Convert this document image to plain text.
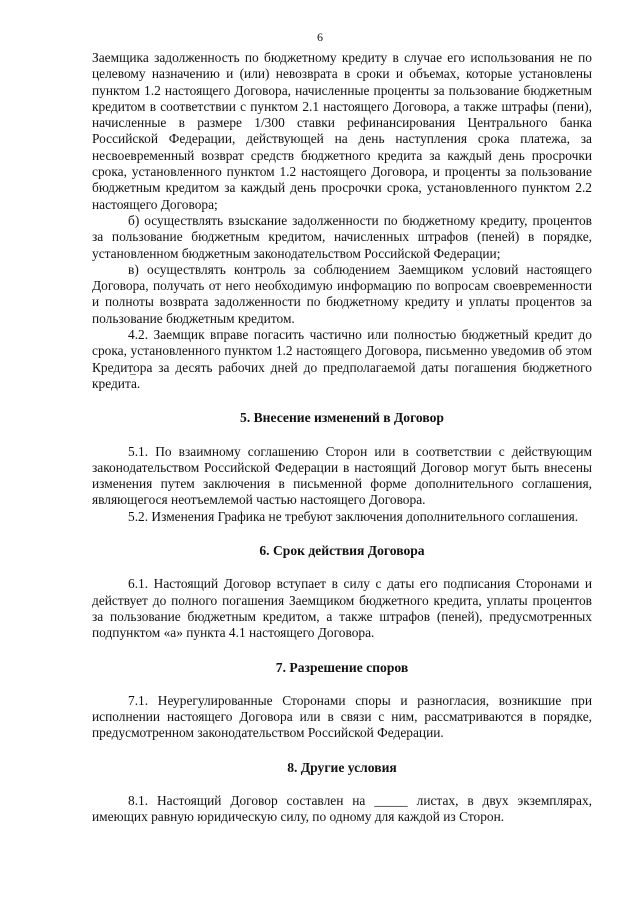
6

Заемщика задолженность по бюджетному кредиту в случае его использования не по целевому назначению и (или) невозврата в сроки и объемах, которые установлены пунктом 1.2 настоящего Договора, начисленные проценты за пользование бюджетным кредитом в соответствии с пунктом 2.1 настоящего Договора, а также штрафы (пени), начисленные в размере 1/300 ставки рефинансирования Центрального банка Российской Федерации, действующей на день наступления срока платежа, за несвоевременный возврат средств бюджетного кредита за каждый день просрочки срока, установленного пунктом 1.2 настоящего Договора, и проценты за пользование бюджетным кредитом за каждый день просрочки срока, установленного пунктом 2.2 настоящего Договора;

б) осуществлять взыскание задолженности по бюджетному кредиту, процентов за пользование бюджетным кредитом, начисленных штрафов (пеней) в порядке, установленном бюджетным законодательством Российской Федерации;

в) осуществлять контроль за соблюдением Заемщиком условий настоящего Договора, получать от него необходимую информацию по вопросам своевременности и полноты возврата задолженности по бюджетному кредиту и уплаты процентов за пользование бюджетным кредитом.

4.2. Заемщик вправе погасить частично или полностью бюджетный кредит до срока, установленного пунктом 1.2 настоящего Договора, письменно уведомив об этом Кредитора за десять рабочих дней до предполагаемой даты погашения бюджетного кредита.

5. Внесение изменений в Договор

5.1. По взаимному соглашению Сторон или в соответствии с действующим законодательством Российской Федерации в настоящий Договор могут быть внесены изменения путем заключения в письменной форме дополнительного соглашения, являющегося неотъемлемой частью настоящего Договора.

5.2. Изменения Графика не требуют заключения дополнительного соглашения.

6. Срок действия Договора

6.1. Настоящий Договор вступает в силу с даты его подписания Сторонами и действует до полного погашения Заемщиком бюджетного кредита, уплаты процентов за пользование бюджетным кредитом, а также штрафов (пеней), предусмотренных подпунктом «а» пункта 4.1 настоящего Договора.

7. Разрешение споров

7.1. Неурегулированные Сторонами споры и разногласия, возникшие при исполнении настоящего Договора или в связи с ним, рассматриваются в порядке, предусмотренном законодательством Российской Федерации.

8. Другие условия

8.1. Настоящий Договор составлен на _____ листах, в двух экземплярах, имеющих равную юридическую силу, по одному для каждой из Сторон.
